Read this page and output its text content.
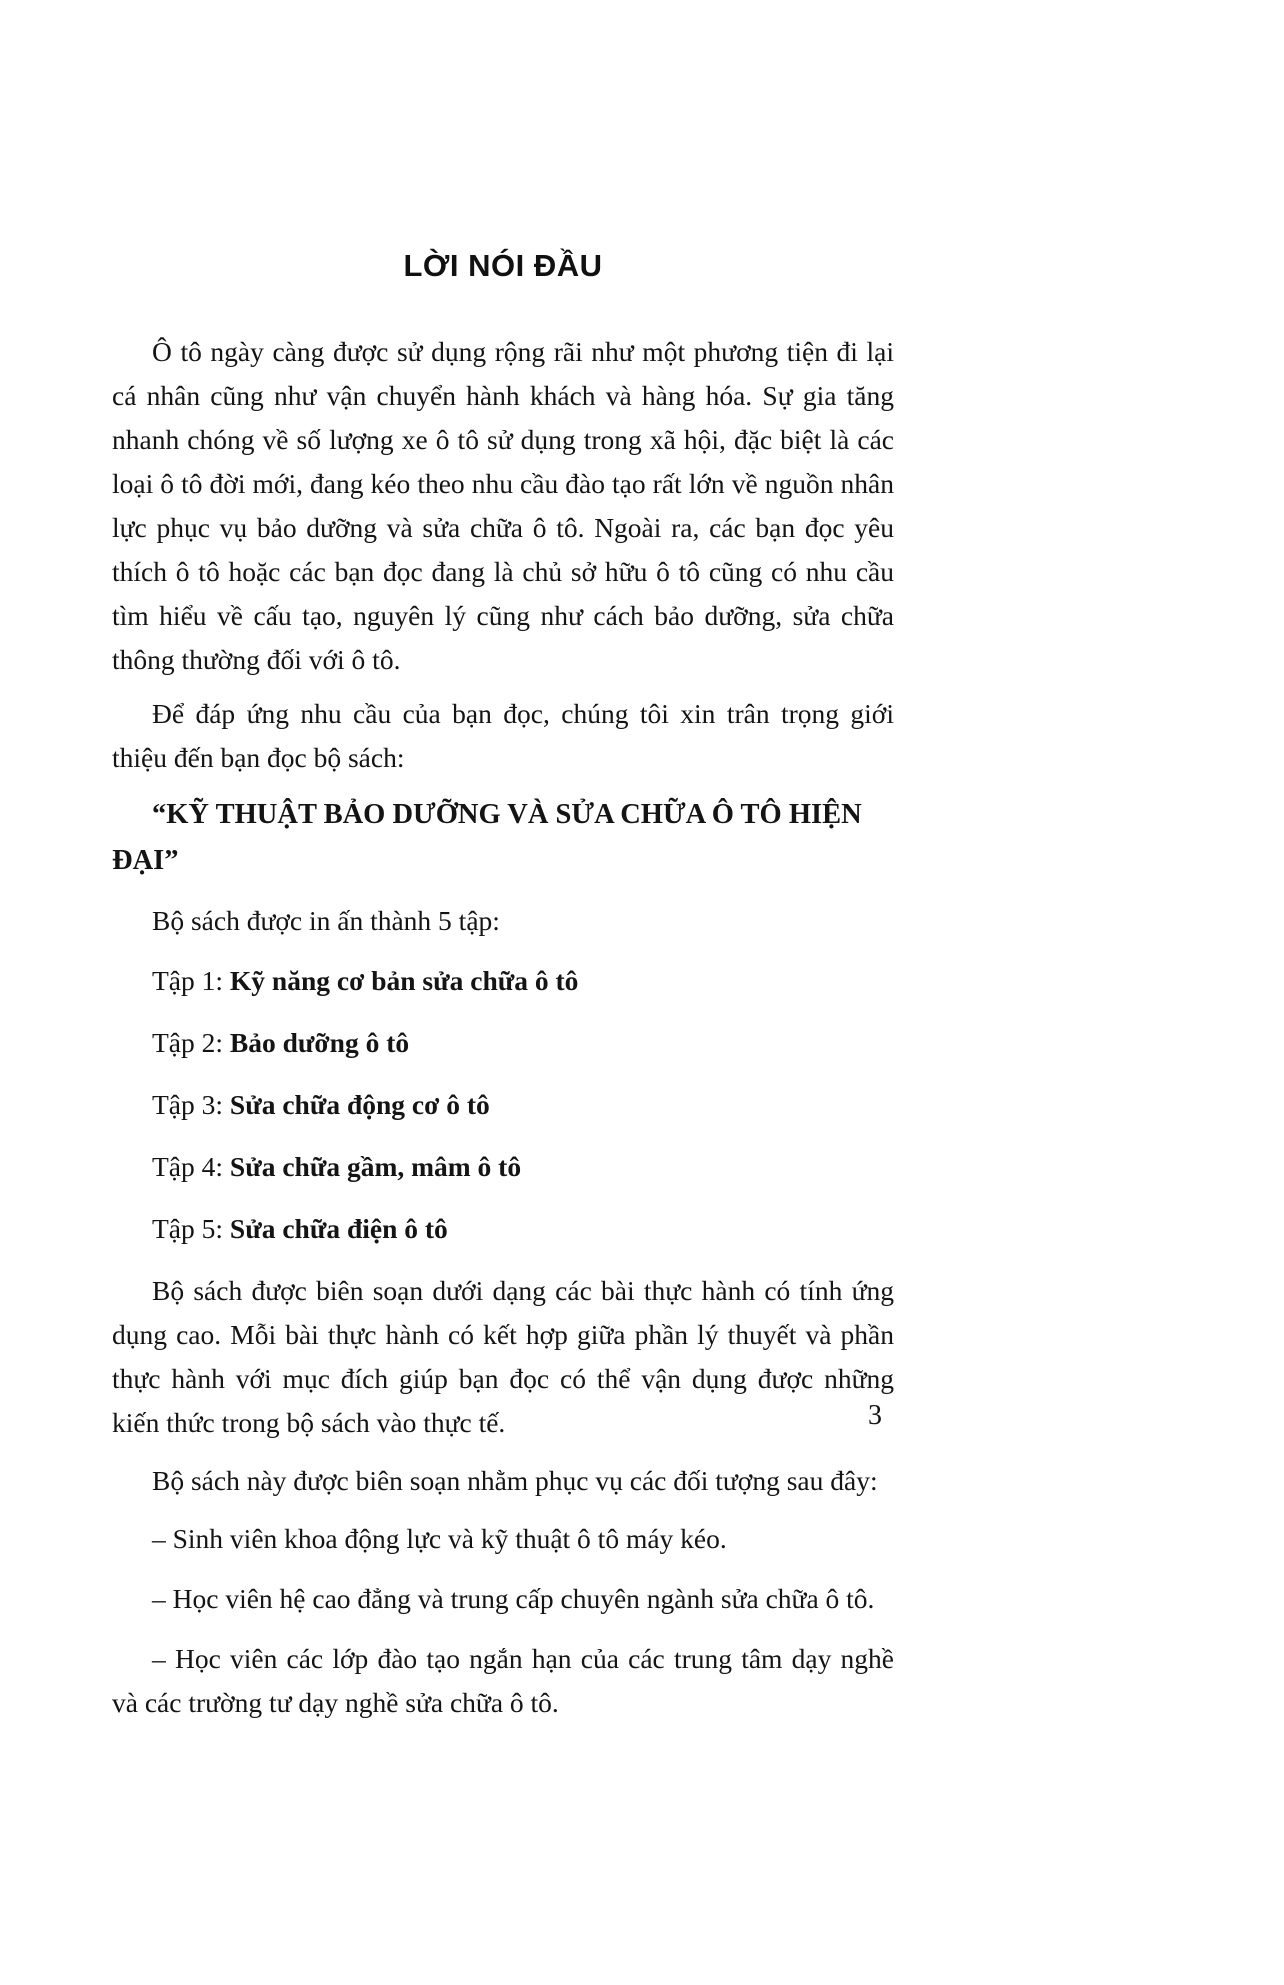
LỜI NÓI ĐẦU

Ô tô ngày càng được sử dụng rộng rãi như một phương tiện đi lại cá nhân cũng như vận chuyển hành khách và hàng hóa. Sự gia tăng nhanh chóng về số lượng xe ô tô sử dụng trong xã hội, đặc biệt là các loại ô tô đời mới, đang kéo theo nhu cầu đào tạo rất lớn về nguồn nhân lực phục vụ bảo dưỡng và sửa chữa ô tô. Ngoài ra, các bạn đọc yêu thích ô tô hoặc các bạn đọc đang là chủ sở hữu ô tô cũng có nhu cầu tìm hiểu về cấu tạo, nguyên lý cũng như cách bảo dưỡng, sửa chữa thông thường đối với ô tô.

Để đáp ứng nhu cầu của bạn đọc, chúng tôi xin trân trọng giới thiệu đến bạn đọc bộ sách:

“KỸ THUẬT BẢO DƯỠNG VÀ SỬA CHỮA Ô TÔ HIỆN ĐẠI”

Bộ sách được in ấn thành 5 tập:

Tập 1: Kỹ năng cơ bản sửa chữa ô tô

Tập 2: Bảo dưỡng ô tô

Tập 3: Sửa chữa động cơ ô tô

Tập 4: Sửa chữa gầm, mâm ô tô

Tập 5: Sửa chữa điện ô tô

Bộ sách được biên soạn dưới dạng các bài thực hành có tính ứng dụng cao. Mỗi bài thực hành có kết hợp giữa phần lý thuyết và phần thực hành với mục đích giúp bạn đọc có thể vận dụng được những kiến thức trong bộ sách vào thực tế.

Bộ sách này được biên soạn nhằm phục vụ các đối tượng sau đây:

– Sinh viên khoa động lực và kỹ thuật ô tô máy kéo.

– Học viên hệ cao đẳng và trung cấp chuyên ngành sửa chữa ô tô.

– Học viên các lớp đào tạo ngắn hạn của các trung tâm dạy nghề và các trường tư dạy nghề sửa chữa ô tô.

3
